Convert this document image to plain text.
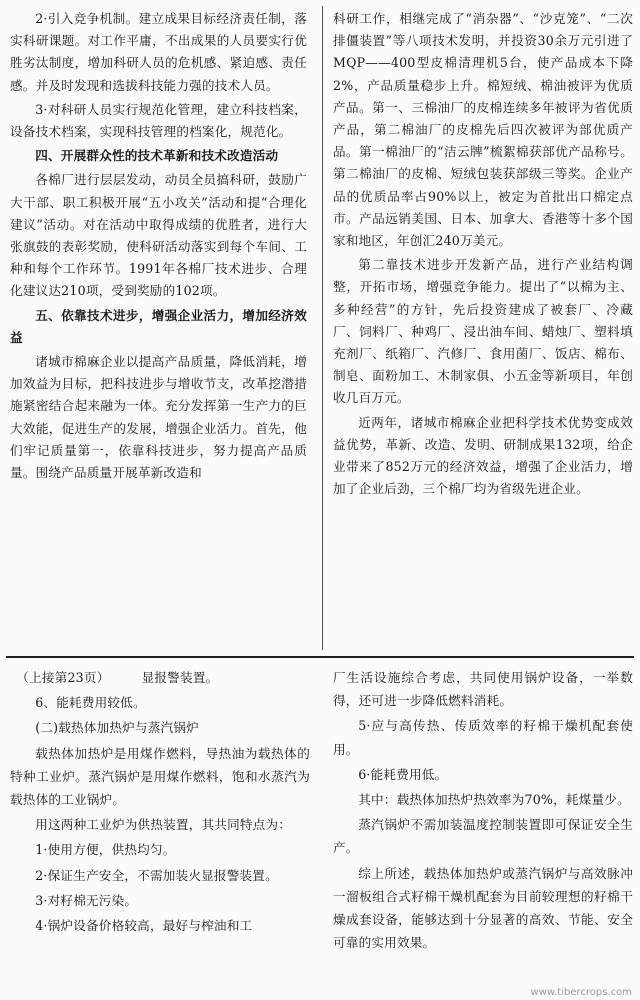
2·引入竞争机制。建立成果目标经济责任制，落实科研课题。对工作平庸，不出成果的人员要实行优胜劣汰制度，增加科研人员的危机感、紧迫感、责任感。并及时发现和选拔科技能力强的技术人员。

3·对科研人员实行规范化管理，建立科技档案，设备技术档案，实现科技管理的档案化，规范化。

四、开展群众性的技术革新和技术改造活动

各棉厂进行层层发动，动员全员搞科研，鼓励广大干部、职工积极开展“五小攻关”活动和提“合理化建议”活动。对在活动中取得成绩的优胜者，进行大张旗鼓的表彰奖励，使科研活动落实到每个车间、工种和每个工作环节。1991年各棉厂技术进步、合理化建议达210项，受到奖励的102项。

五、依靠技术进步，增强企业活力，增加经济效益

诸城市棉麻企业以提高产品质量，降低消耗，增加效益为目标，把科技进步与增收节支，改革挖潜措施紧密结合起来融为一体。充分发挥第一生产力的巨大效能，促进生产的发展，增强企业活力。首先，他们牢记质量第一，依靠科技进步，努力提高产品质量。围绕产品质量开展革新改造和

科研工作，相继完成了“消杂器”、“沙克笼”、“二次排僵装置”等八项技术发明，并投资30余万元引进了MQP——400型皮棉清理机5台，使产品成本下降2%，产品质量稳步上升。棉短绒、棉油被评为优质产品。第一、三棉油厂的皮棉连续多年被评为省优质产品，第二棉油厂的皮棉先后四次被评为部优质产品。第一棉油厂的“洁云牌”梳絮棉获部优产品称号。第二棉油厂的皮棉、短绒包装获部级三等奖。企业产品的优质品率占90%以上，被定为首批出口棉定点市。产品远销美国、日本、加拿大、香港等十多个国家和地区，年创汇240万美元。

第二靠技术进步开发新产品，进行产业结构调整，开拓市场，增强竞争能力。提出了“以棉为主、多种经营”的方针，先后投资建成了被套厂、冷藏厂、饲料厂、种鸡厂、浸出油车间、蜡烛厂、塑料填充剂厂、纸箱厂、汽修厂、食用菌厂、饭店、棉布、制皂、面粉加工、木制家俱、小五金等新项目，年创收几百万元。

近两年，诸城市棉麻企业把科学技术优势变成效益优势，革新、改造、发明、研制成果132项，给企业带来了852万元的经济效益，增强了企业活力，增加了企业后劲，三个棉厂均为省级先进企业。

（上接第23页）　　　显报警装置。

6、能耗费用较低。

(二)载热体加热炉与蒸汽锅炉

载热体加热炉是用煤作燃料，导热油为载热体的特种工业炉。蒸汽锅炉是用煤作燃料，饱和水蒸汽为载热体的工业锅炉。

用这两种工业炉为供热装置，其共同特点为：

1·使用方便，供热均匀。

2·保证生产安全，不需加装火显报警装置。

3·对籽棉无污染。

4·锅炉设备价格较高，最好与榨油和工

厂生活设施综合考虑，共同使用锅炉设备，一举数得，还可进一步降低燃料消耗。

5·应与高传热、传质效率的籽棉干燥机配套使用。

6·能耗费用低。

其中：载热体加热炉热效率为70%，耗煤量少。

蒸汽锅炉不需加装温度控制装置即可保证安全生产。

综上所述，载热体加热炉或蒸汽锅炉与高效脉冲一溜板组合式籽棉干燥机配套为目前较理想的籽棉干燥成套设备，能够达到十分显著的高效、节能、安全可靠的实用效果。

www.tibercrops.com
